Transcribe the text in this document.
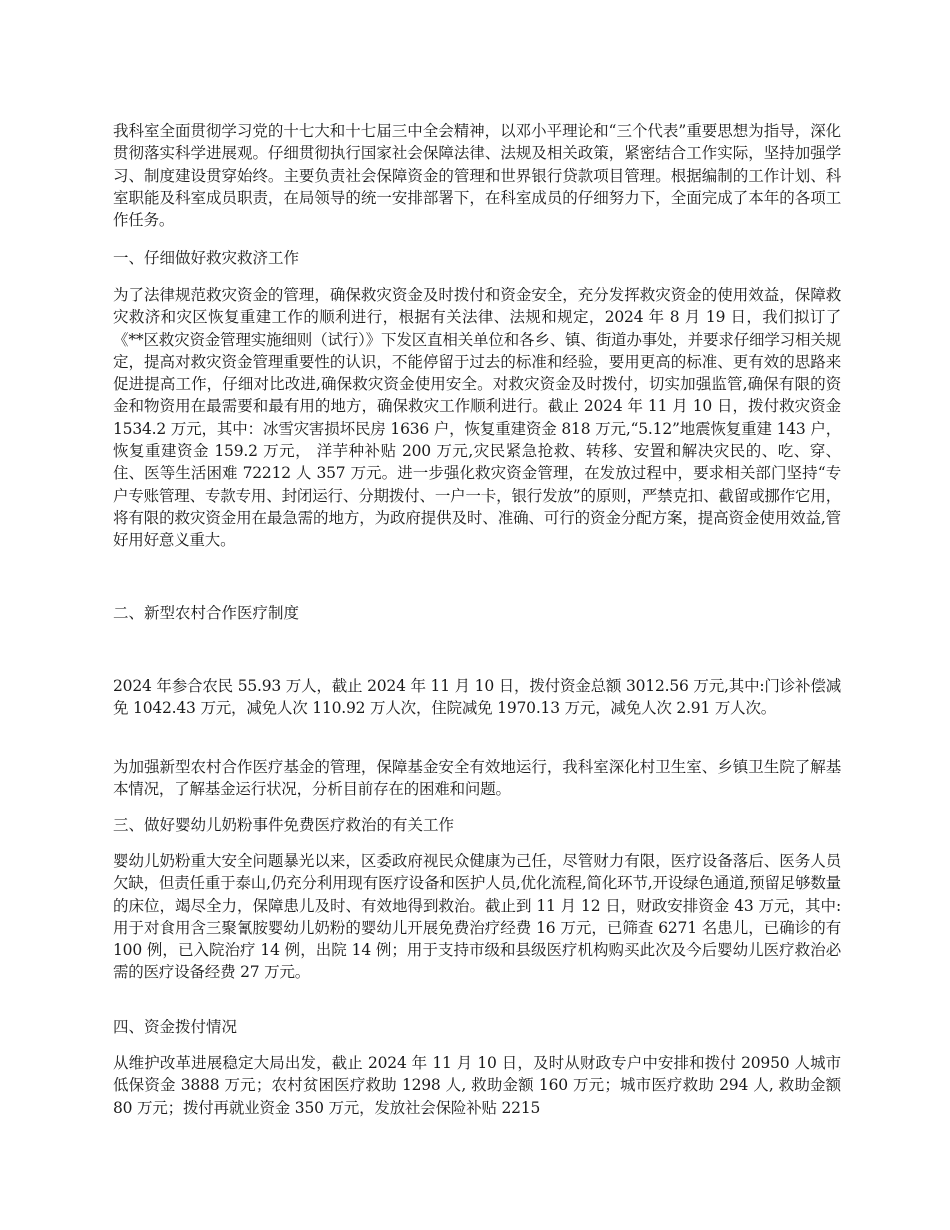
我科室全面贯彻学习党的十七大和十七届三中全会精神，以邓小平理论和“三个代表”重要思想为指导，深化贯彻落实科学进展观。仔细贯彻执行国家社会保障法律、法规及相关政策，紧密结合工作实际，坚持加强学习、制度建设贯穿始终。主要负责社会保障资金的管理和世界银行贷款项目管理。根据编制的工作计划、科室职能及科室成员职责，在局领导的统一安排部署下，在科室成员的仔细努力下，全面完成了本年的各项工作任务。

一、仔细做好救灾救济工作

为了法律规范救灾资金的管理，确保救灾资金及时拨付和资金安全，充分发挥救灾资金的使用效益，保障救灾救济和灾区恢复重建工作的顺利进行，根据有关法律、法规和规定，2024 年 8 月 19 日，我们拟订了《**区救灾资金管理实施细则（试行）》下发区直相关单位和各乡、镇、街道办事处，并要求仔细学习相关规定，提高对救灾资金管理重要性的认识，不能停留于过去的标准和经验，要用更高的标准、更有效的思路来促进提高工作，仔细对比改进,确保救灾资金使用安全。对救灾资金及时拨付，切实加强监管,确保有限的资金和物资用在最需要和最有用的地方，确保救灾工作顺利进行。截止 2024 年 11 月 10 日，拨付救灾资金 1534.2 万元，其中：冰雪灾害损坏民房 1636 户，恢复重建资金 818 万元,“5.12”地震恢复重建 143 户，恢复重建资金 159.2 万元， 洋芋种补贴 200 万元,灾民紧急抢救、转移、安置和解决灾民的、吃、穿、住、医等生活困难 72212 人 357 万元。进一步强化救灾资金管理，在发放过程中，要求相关部门坚持“专户专账管理、专款专用、封闭运行、分期拨付、一户一卡，银行发放”的原则，严禁克扣、截留或挪作它用，将有限的救灾资金用在最急需的地方，为政府提供及时、准确、可行的资金分配方案，提高资金使用效益,管好用好意义重大。

二、新型农村合作医疗制度

2024 年参合农民 55.93 万人，截止 2024 年 11 月 10 日，拨付资金总额 3012.56 万元,其中:门诊补偿减免 1042.43 万元，减免人次 110.92 万人次，住院减免 1970.13 万元，减免人次 2.91 万人次。

为加强新型农村合作医疗基金的管理，保障基金安全有效地运行，我科室深化村卫生室、乡镇卫生院了解基本情况，了解基金运行状况，分析目前存在的困难和问题。

三、做好婴幼儿奶粉事件免费医疗救治的有关工作

婴幼儿奶粉重大安全问题暴光以来，区委政府视民众健康为己任，尽管财力有限，医疗设备落后、医务人员欠缺，但责任重于泰山,仍充分利用现有医疗设备和医护人员,优化流程,简化环节,开设绿色通道,预留足够数量的床位，竭尽全力，保障患儿及时、有效地得到救治。截止到 11 月 12 日，财政安排资金 43 万元，其中:用于对食用含三聚氰胺婴幼儿奶粉的婴幼儿开展免费治疗经费 16 万元，已筛查 6271 名患儿，已确诊的有 100 例，已入院治疗 14 例，出院 14 例；用于支持市级和县级医疗机构购买此次及今后婴幼儿医疗救治必需的医疗设备经费 27 万元。

四、资金拨付情况

从维护改革进展稳定大局出发，截止 2024 年 11 月 10 日，及时从财政专户中安排和拨付 20950 人城市低保资金 3888 万元；农村贫困医疗救助 1298 人, 救助金额 160 万元；城市医疗救助 294 人, 救助金额 80 万元；拨付再就业资金 350 万元，发放社会保险补贴 2215
